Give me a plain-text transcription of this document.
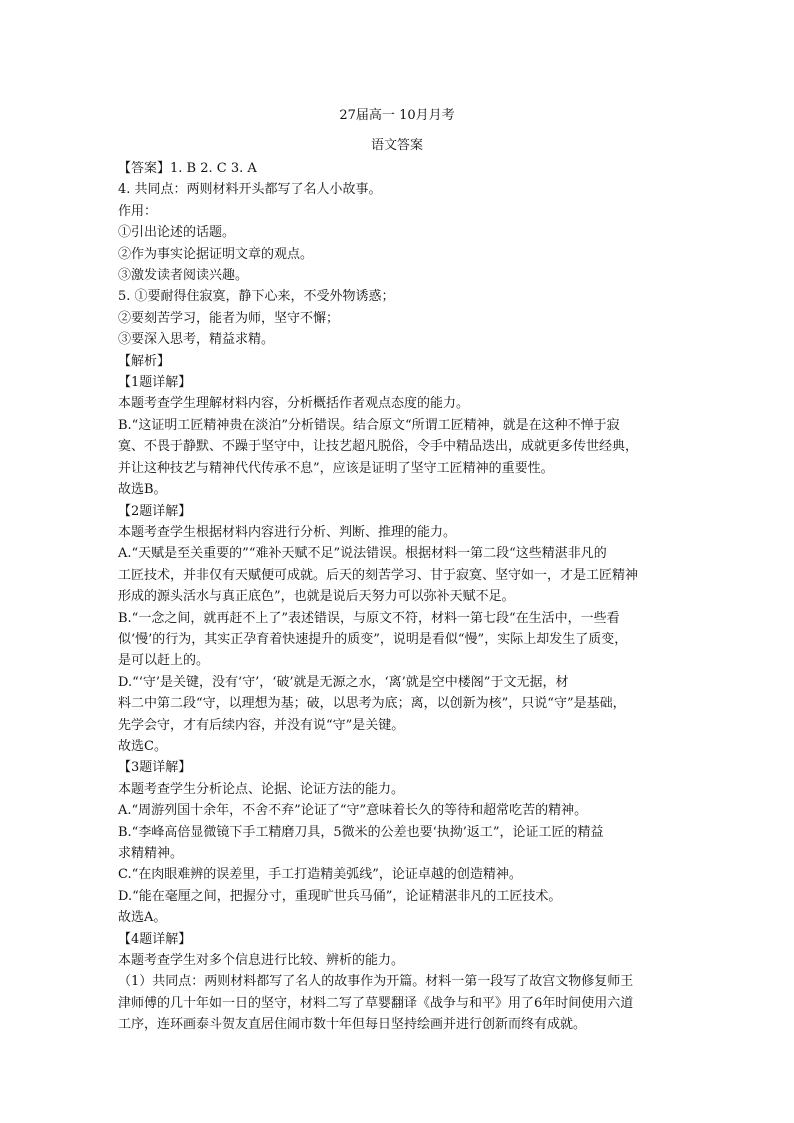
27届高一 10月月考
语文答案

【答案】1. B 2. C 3. A

4. 共同点：两则材料开头都写了名人小故事。

作用：

①引出论述的话题。

②作为事实论据证明文章的观点。

③激发读者阅读兴趣。

5. ①要耐得住寂寞，静下心来，不受外物诱惑；

②要刻苦学习，能者为师，坚守不懈；

③要深入思考，精益求精。

【解析】

【1题详解】

本题考查学生理解材料内容，分析概括作者观点态度的能力。

B.“这证明工匠精神贵在淡泊”分析错误。结合原文“所谓工匠精神，就是在这种不惮于寂

寞、不畏于静默、不躁于坚守中，让技艺超凡脱俗，令手中精品迭出，成就更多传世经典，

并让这种技艺与精神代代传承不息”，应该是证明了坚守工匠精神的重要性。

故选B。

【2题详解】

本题考查学生根据材料内容进行分析、判断、推理的能力。

A.“天赋是至关重要的”“难补天赋不足”说法错误。根据材料一第二段“这些精湛非凡的

工匠技术，并非仅有天赋便可成就。后天的刻苦学习、甘于寂寞、坚守如一，才是工匠精神

形成的源头活水与真正底色”，也就是说后天努力可以弥补天赋不足。

B.“一念之间，就再赶不上了”表述错误，与原文不符，材料一第七段“在生活中，一些看

似‘慢’的行为，其实正孕育着快速提升的质变”，说明是看似“慢”，实际上却发生了质变，

是可以赶上的。

D.“‘守’是关键，没有‘守’，‘破’就是无源之水，‘离’就是空中楼阁”于文无据，材

料二中第二段“守，以理想为基；破，以思考为底；离，以创新为核”，只说“守”是基础，

先学会守，才有后续内容，并没有说“守”是关键。

故选C。

【3题详解】

本题考查学生分析论点、论据、论证方法的能力。

A.“周游列国十余年，不舍不弃”论证了“守”意味着长久的等待和超常吃苦的精神。

B.“李峰高倍显微镜下手工精磨刀具，5微米的公差也要‘执拗’返工”，论证工匠的精益

求精精神。

C.“在肉眼难辨的误差里，手工打造精美弧线”，论证卓越的创造精神。

D.“能在毫厘之间，把握分寸，重现旷世兵马俑”，论证精湛非凡的工匠技术。

故选A。

【4题详解】

本题考查学生对多个信息进行比较、辨析的能力。

（1）共同点：两则材料都写了名人的故事作为开篇。材料一第一段写了故宫文物修复师王

津师傅的几十年如一日的坚守，材料二写了草婴翻译《战争与和平》用了6年时间使用六道

工序，连环画泰斗贺友直居住闹市数十年但每日坚持绘画并进行创新而终有成就。
